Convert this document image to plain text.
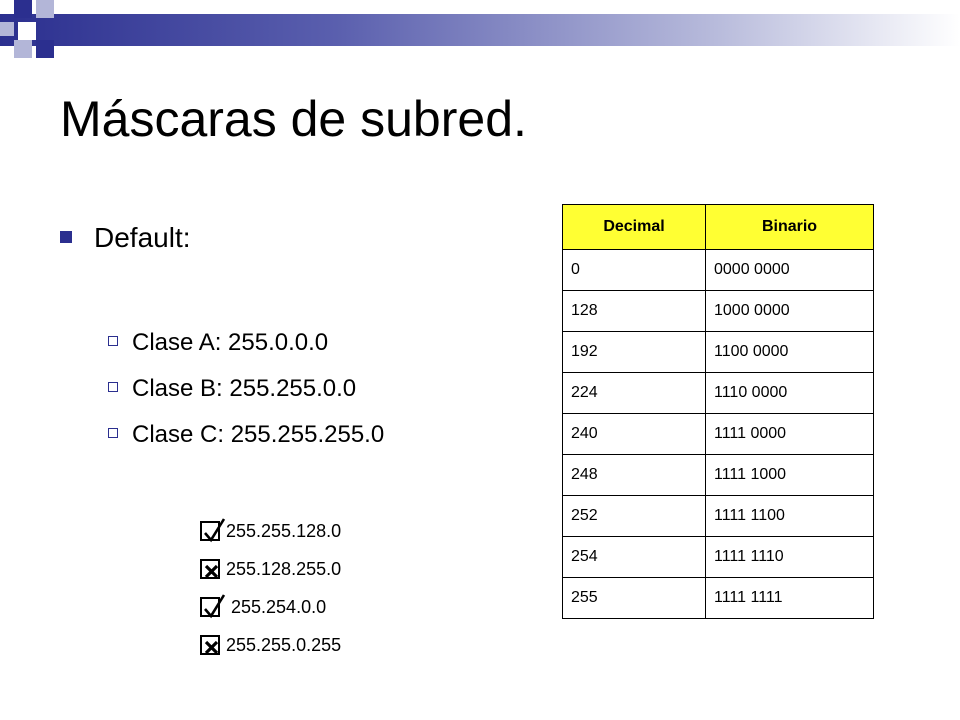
Máscaras de subred.
Default:
Clase A: 255.0.0.0
Clase B: 255.255.0.0
Clase C: 255.255.255.0
255.255.128.0
255.128.255.0
255.254.0.0
255.255.0.255
Decimal	Binario
0	0000 0000
128	1000 0000
192	1100 0000
224	1110 0000
240	1111 0000
248	1111 1000
252	1111 1100
254	1111 1110
255	1111 1111
